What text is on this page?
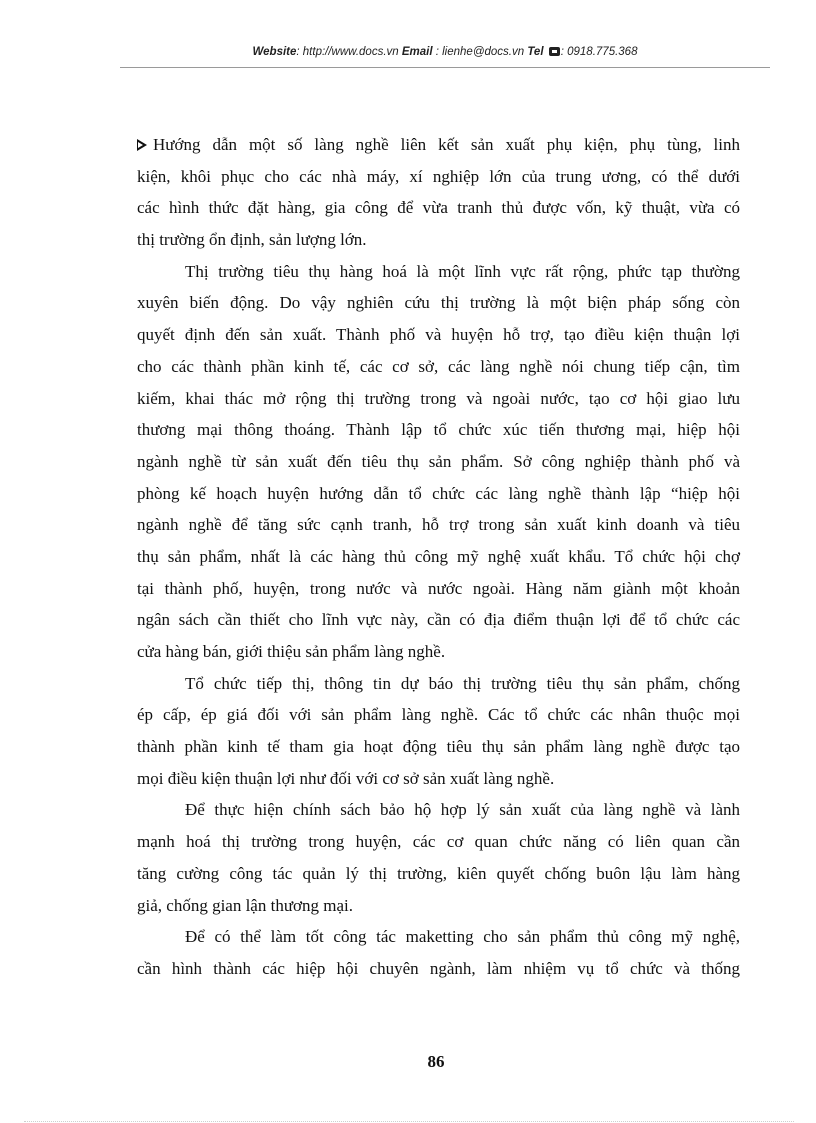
Website: http://www.docs.vn Email : lienhe@docs.vn Tel : 0918.775.368
Hướng dẫn một số làng nghề liên kết sản xuất phụ kiện, phụ tùng, linh
kiện, khôi phục cho các nhà máy, xí nghiệp lớn của trung ương, có thể dưới
các hình thức đặt hàng, gia công để vừa tranh thủ được vốn, kỹ thuật, vừa có
thị trường ổn định, sản lượng lớn.
Thị trường tiêu thụ hàng hoá là một lĩnh vực rất rộng, phức tạp thường
xuyên biến động. Do vậy nghiên cứu thị trường là một biện pháp sống còn
quyết định đến sản xuất. Thành phố và huyện hỗ trợ, tạo điều kiện thuận lợi
cho các thành phần kinh tế, các cơ sở, các làng nghề nói chung tiếp cận, tìm
kiếm, khai thác mở rộng thị trường trong và ngoài nước, tạo cơ hội giao lưu
thương mại thông thoáng. Thành lập tổ chức xúc tiến thương mại, hiệp hội
ngành nghề từ sản xuất đến tiêu thụ sản phẩm. Sở công nghiệp thành phố và
phòng kế hoạch huyện hướng dẫn tổ chức các làng nghề thành lập “hiệp hội
ngành nghề để tăng sức cạnh tranh, hỗ trợ trong sản xuất kinh doanh và tiêu
thụ sản phẩm, nhất là các hàng thủ công mỹ nghệ xuất khẩu. Tổ chức hội chợ
tại thành phố, huyện, trong nước và nước ngoài. Hàng năm giành một khoản
ngân sách cần thiết cho lĩnh vực này, cần có địa điểm thuận lợi để tổ chức các
cửa hàng bán, giới thiệu sản phẩm làng nghề.
Tổ chức tiếp thị, thông tin dự báo thị trường tiêu thụ sản phẩm, chống
ép cấp, ép giá đối với sản phẩm làng nghề. Các tổ chức các nhân thuộc mọi
thành phần kinh tế tham gia hoạt động tiêu thụ sản phẩm làng nghề được tạo
mọi điều kiện thuận lợi như đối với cơ sở sản xuất làng nghề.
Để thực hiện chính sách bảo hộ hợp lý sản xuất của làng nghề và lành
mạnh hoá thị trường trong huyện, các cơ quan chức năng có liên quan cần
tăng cường công tác quản lý thị trường, kiên quyết chống buôn lậu làm hàng
giả, chống gian lận thương mại.
Để có thể làm tốt công tác maketting cho sản phẩm thủ công mỹ nghệ,
cần hình thành các hiệp hội chuyên ngành, làm nhiệm vụ tổ chức và thống
86
